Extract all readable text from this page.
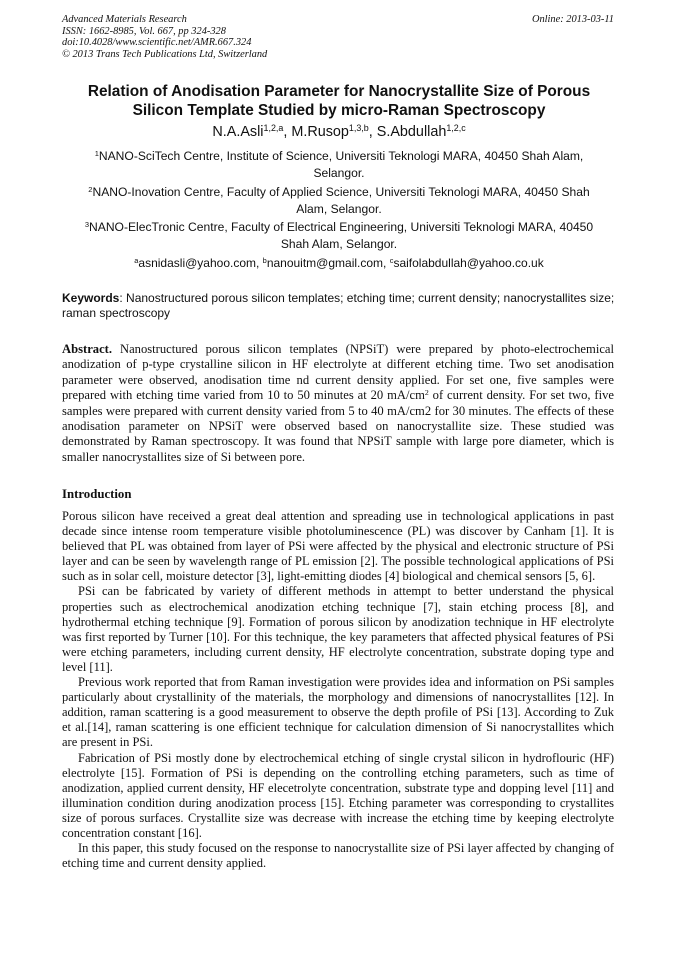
Advanced Materials Research
ISSN: 1662-8985, Vol. 667, pp 324-328
doi:10.4028/www.scientific.net/AMR.667.324
© 2013 Trans Tech Publications Ltd, Switzerland
Online: 2013-03-11
Relation of Anodisation Parameter for Nanocrystallite Size of Porous
Silicon Template Studied by micro-Raman Spectroscopy
N.A.Asli$^{1,2,a}$, M.Rusop$^{1,3,b}$, S.Abdullah$^{1,2,c}$
$^1$NANO-SciTech Centre, Institute of Science, Universiti Teknologi MARA, 40450 Shah Alam, Selangor.
$^2$NANO-Inovation Centre, Faculty of Applied Science, Universiti Teknologi MARA, 40450 Shah Alam, Selangor.
$^3$NANO-ElecTronic Centre, Faculty of Electrical Engineering, Universiti Teknologi MARA, 40450 Shah Alam, Selangor.
$^a$asnidasli@yahoo.com, $^b$nanouitm@gmail.com, $^c$saifolabdullah@yahoo.co.uk
Keywords: Nanostructured porous silicon templates; etching time; current density; nanocrystallites size; raman spectroscopy
Abstract. Nanostructured porous silicon templates (NPSiT) were prepared by photo-electrochemical anodization of p-type crystalline silicon in HF electrolyte at different etching time. Two set anodisation parameter were observed, anodisation time nd current density applied. For set one, five samples were prepared with etching time varied from 10 to 50 minutes at 20 $mA/cm^2$ of current density. For set two, five samples were prepared with current density varied from 5 to 40 mA/cm2 for 30 minutes. The effects of these anodisation parameter on NPSiT were observed based on nanocrystallite size. These studied was demonstrated by Raman spectroscopy. It was found that NPSiT sample with large pore diameter, which is smaller nanocrystallites size of Si between pore.
Introduction

Porous silicon have received a great deal attention and spreading use in technological applications in past decade since intense room temperature visible photoluminescence (PL) was discover by Canham [1]. It is believed that PL was obtained from layer of PSi were affected by the physical and electronic structure of PSi layer and can be seen by wavelength range of PL emission [2]. The possible technological applications of PSi such as in solar cell, moisture detector [3], light-emitting diodes [4] biological and chemical sensors [5, 6].

PSi can be fabricated by variety of different methods in attempt to better understand the physical properties such as electrochemical anodization etching technique [7], stain etching process [8], and hydrothermal etching technique [9]. Formation of porous silicon by anodization technique in HF electrolyte was first reported by Turner [10]. For this technique, the key parameters that affected physical features of PSi were etching parameters, including current density, HF electrolyte concentration, substrate doping type and level [11].

Previous work reported that from Raman investigation were provides idea and information on PSi samples particularly about crystallinity of the materials, the morphology and dimensions of nanocrystallites [12]. In addition, raman scattering is a good measurement to observe the depth profile of PSi [13]. According to Zuk et al.[14], raman scattering is one efficient technique for calculation dimension of Si nanocrystallites which are present in PSi.

Fabrication of PSi mostly done by electrochemical etching of single crystal silicon in hydroflouric (HF) electrolyte [15]. Formation of PSi is depending on the controlling etching parameters, such as time of anodization, applied current density, HF elecetrolyte concentration, substrate type and dopping level [11] and illumination condition during anodization process [15]. Etching parameter was corresponding to crystallites size of porous surfaces. Crystallite size was decrease with increase the etching time by keeping electrolyte concentration constant [16].

In this paper, this study focused on the response to nanocrystallite size of PSi layer affected by changing of etching time and current density applied.
